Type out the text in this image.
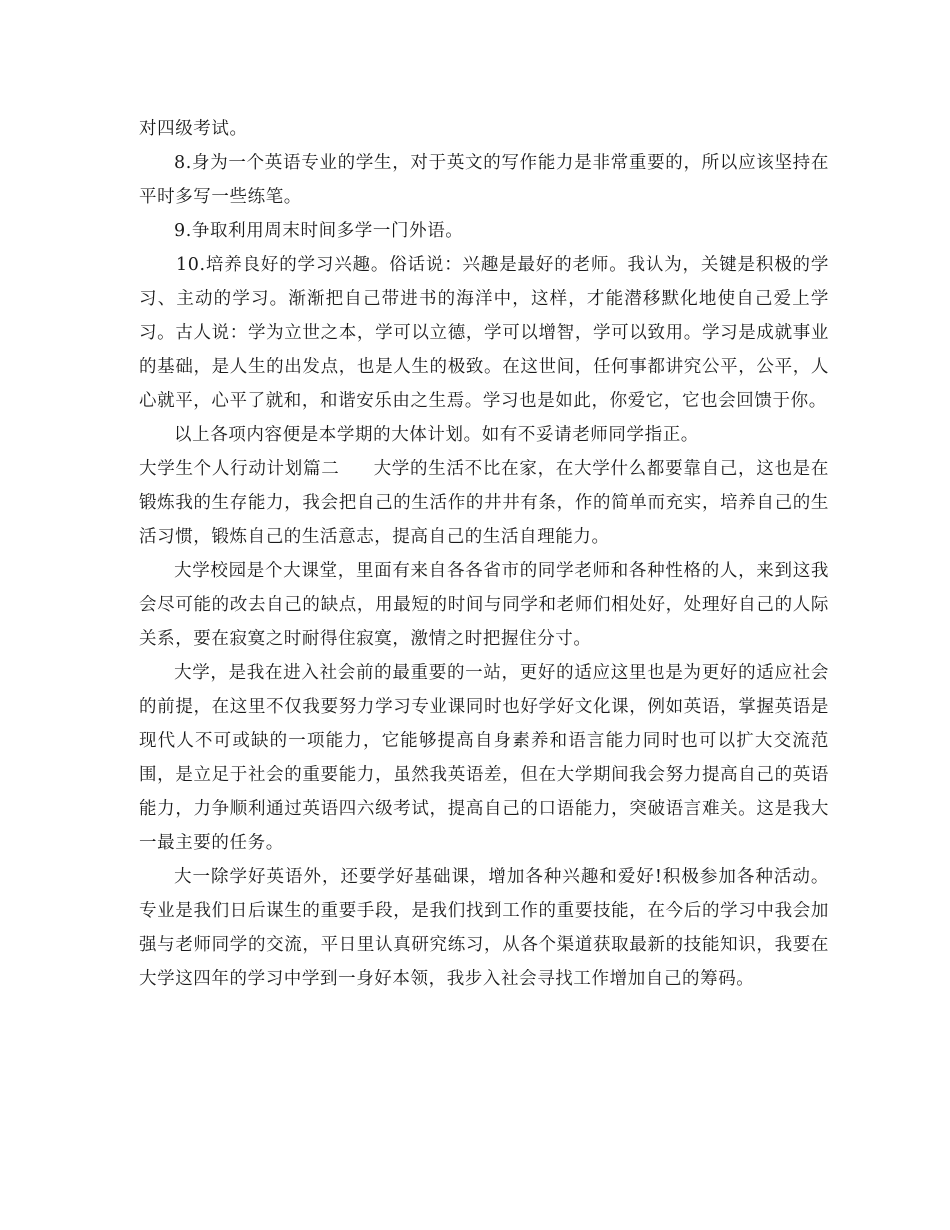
对四级考试。

8.身为一个英语专业的学生，对于英文的写作能力是非常重要的，所以应该坚持在平时多写一些练笔。

9.争取利用周末时间多学一门外语。

10.培养良好的学习兴趣。俗话说：兴趣是最好的老师。我认为，关键是积极的学习、主动的学习。渐渐把自己带进书的海洋中，这样，才能潜移默化地使自己爱上学习。古人说：学为立世之本，学可以立德，学可以增智，学可以致用。学习是成就事业的基础，是人生的出发点，也是人生的极致。在这世间，任何事都讲究公平，公平，人心就平，心平了就和，和谐安乐由之生焉。学习也是如此，你爱它，它也会回馈于你。

以上各项内容便是本学期的大体计划。如有不妥请老师同学指正。

大学生个人行动计划篇二 大学的生活不比在家，在大学什么都要靠自己，这也是在锻炼我的生存能力，我会把自己的生活作的井井有条，作的简单而充实，培养自己的生活习惯，锻炼自己的生活意志，提高自己的生活自理能力。

大学校园是个大课堂，里面有来自各各省市的同学老师和各种性格的人，来到这我会尽可能的改去自己的缺点，用最短的时间与同学和老师们相处好，处理好自己的人际关系，要在寂寞之时耐得住寂寞，激情之时把握住分寸。

大学，是我在进入社会前的最重要的一站，更好的适应这里也是为更好的适应社会的前提，在这里不仅我要努力学习专业课同时也好学好文化课，例如英语，掌握英语是现代人不可或缺的一项能力，它能够提高自身素养和语言能力同时也可以扩大交流范围，是立足于社会的重要能力，虽然我英语差，但在大学期间我会努力提高自己的英语能力，力争顺利通过英语四六级考试，提高自己的口语能力，突破语言难关。这是我大一最主要的任务。

大一除学好英语外，还要学好基础课，增加各种兴趣和爱好!积极参加各种活动。专业是我们日后谋生的重要手段，是我们找到工作的重要技能，在今后的学习中我会加强与老师同学的交流，平日里认真研究练习，从各个渠道获取最新的技能知识，我要在大学这四年的学习中学到一身好本领，我步入社会寻找工作增加自己的筹码。
